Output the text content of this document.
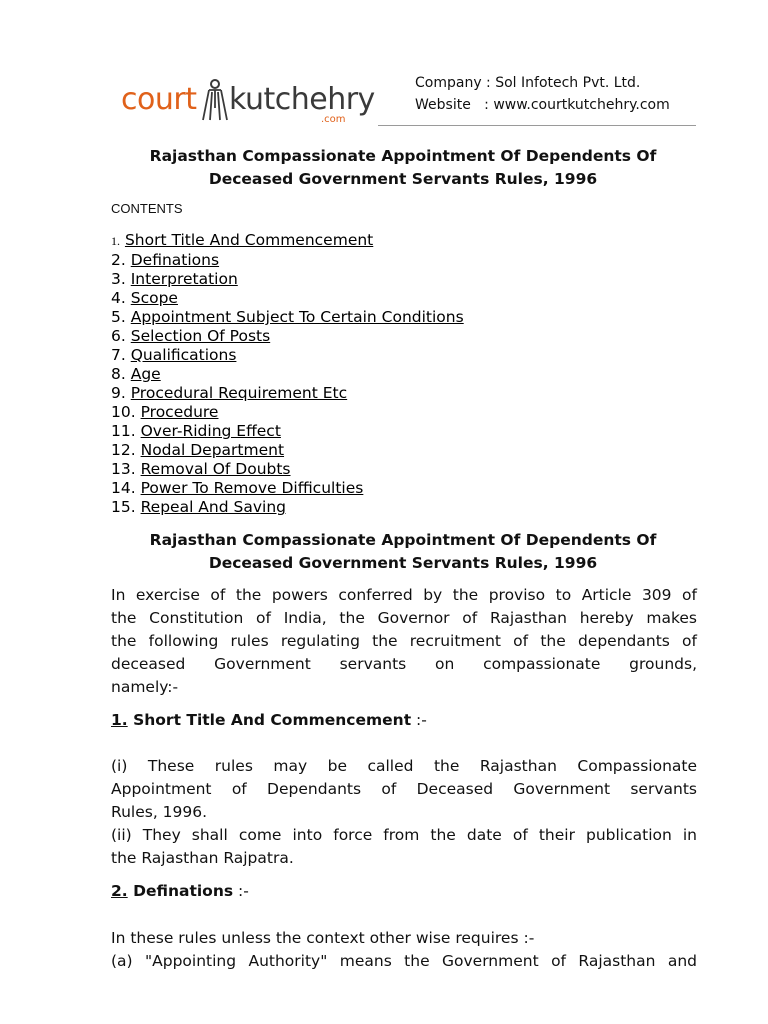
court kutchehry
.com
Company : Sol Infotech Pvt. Ltd.
Website   : www.courtkutchehry.com
Rajasthan Compassionate Appointment Of Dependents Of
Deceased Government Servants Rules, 1996
CONTENTS
1. Short Title And Commencement
2. Definations
3. Interpretation
4. Scope
5. Appointment Subject To Certain Conditions
6. Selection Of Posts
7. Qualifications
8. Age
9. Procedural Requirement Etc
10. Procedure
11. Over-Riding Effect
12. Nodal Department
13. Removal Of Doubts
14. Power To Remove Difficulties
15. Repeal And Saving
Rajasthan Compassionate Appointment Of Dependents Of
Deceased Government Servants Rules, 1996
In exercise of the powers conferred by the proviso to Article 309 of
the Constitution of India, the Governor of Rajasthan hereby makes
the following rules regulating the recruitment of the dependants of
deceased Government servants on compassionate grounds,
namely:-
1. Short Title And Commencement :-
(i) These rules may be called the Rajasthan Compassionate
Appointment of Dependants of Deceased Government servants
Rules, 1996.
(ii) They shall come into force from the date of their publication in
the Rajasthan Rajpatra.
2. Definations :-
In these rules unless the context other wise requires :-
(a) "Appointing Authority" means the Government of Rajasthan and
